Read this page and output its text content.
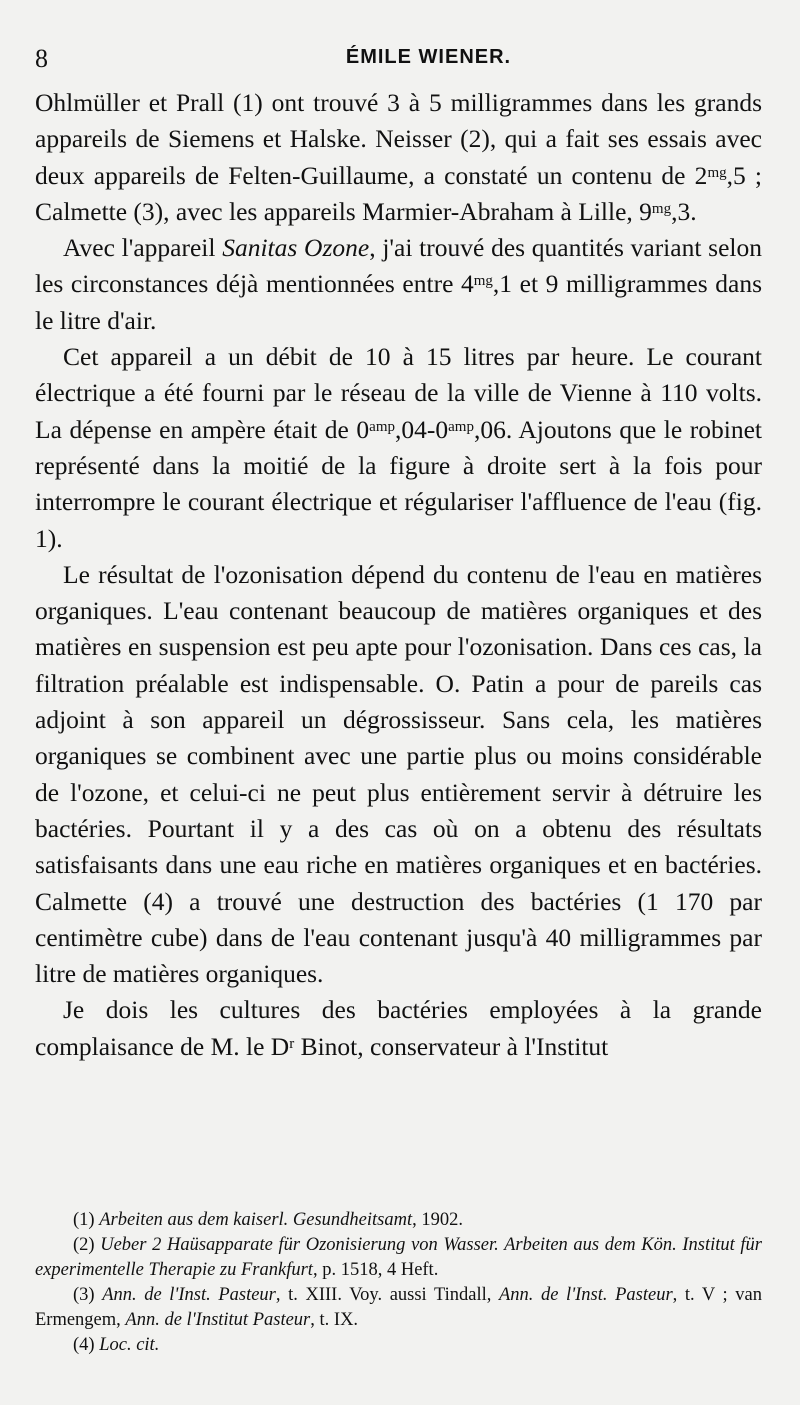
8	ÉMILE WIENER.

Ohlmüller et Prall (1) ont trouvé 3 à 5 milligrammes dans les grands appareils de Siemens et Halske. Neisser (2), qui a fait ses essais avec deux appareils de Felten-Guillaume, a constaté un contenu de $2^{mg},5$ ; Calmette (3), avec les appareils Marmier-Abraham à Lille, $9^{mg},3$.

Avec l'appareil Sanitas Ozone, j'ai trouvé des quantités variant selon les circonstances déjà mentionnées entre $4^{mg},1$ et 9 milligrammes dans le litre d'air.

Cet appareil a un débit de 10 à 15 litres par heure. Le courant électrique a été fourni par le réseau de la ville de Vienne à 110 volts. La dépense en ampère était de $0^{amp},04-0^{amp},06$. Ajoutons que le robinet représenté dans la moitié de la figure à droite sert à la fois pour interrompre le courant électrique et régulariser l'affluence de l'eau (fig. 1).

Le résultat de l'ozonisation dépend du contenu de l'eau en matières organiques. L'eau contenant beaucoup de matières organiques et des matières en suspension est peu apte pour l'ozonisation. Dans ces cas, la filtration préalable est indispensable. O. Patin a pour de pareils cas adjoint à son appareil un dégrossisseur. Sans cela, les matières organiques se combinent avec une partie plus ou moins considérable de l'ozone, et celui-ci ne peut plus entièrement servir à détruire les bactéries. Pourtant il y a des cas où on a obtenu des résultats satisfaisants dans une eau riche en matières organiques et en bactéries. Calmette (4) a trouvé une destruction des bactéries (1 170 par centimètre cube) dans de l'eau contenant jusqu'à 40 milligrammes par litre de matières organiques.

Je dois les cultures des bactéries employées à la grande complaisance de M. le $D^r$ Binot, conservateur à l'Institut

(1) Arbeiten aus dem kaiserl. Gesundheitsamt, 1902.

(2) Ueber 2 Haüsapparate für Ozonisierung von Wasser. Arbeiten aus dem Kön. Institut für experimentelle Therapie zu Frankfurt, p. 1518, 4 Heft.

(3) Ann. de l'Inst. Pasteur, t. XIII. Voy. aussi Tindall, Ann. de l'Inst. Pasteur, t. V ; van Ermengem, Ann. de l'Institut Pasteur, t. IX.

(4) Loc. cit.
